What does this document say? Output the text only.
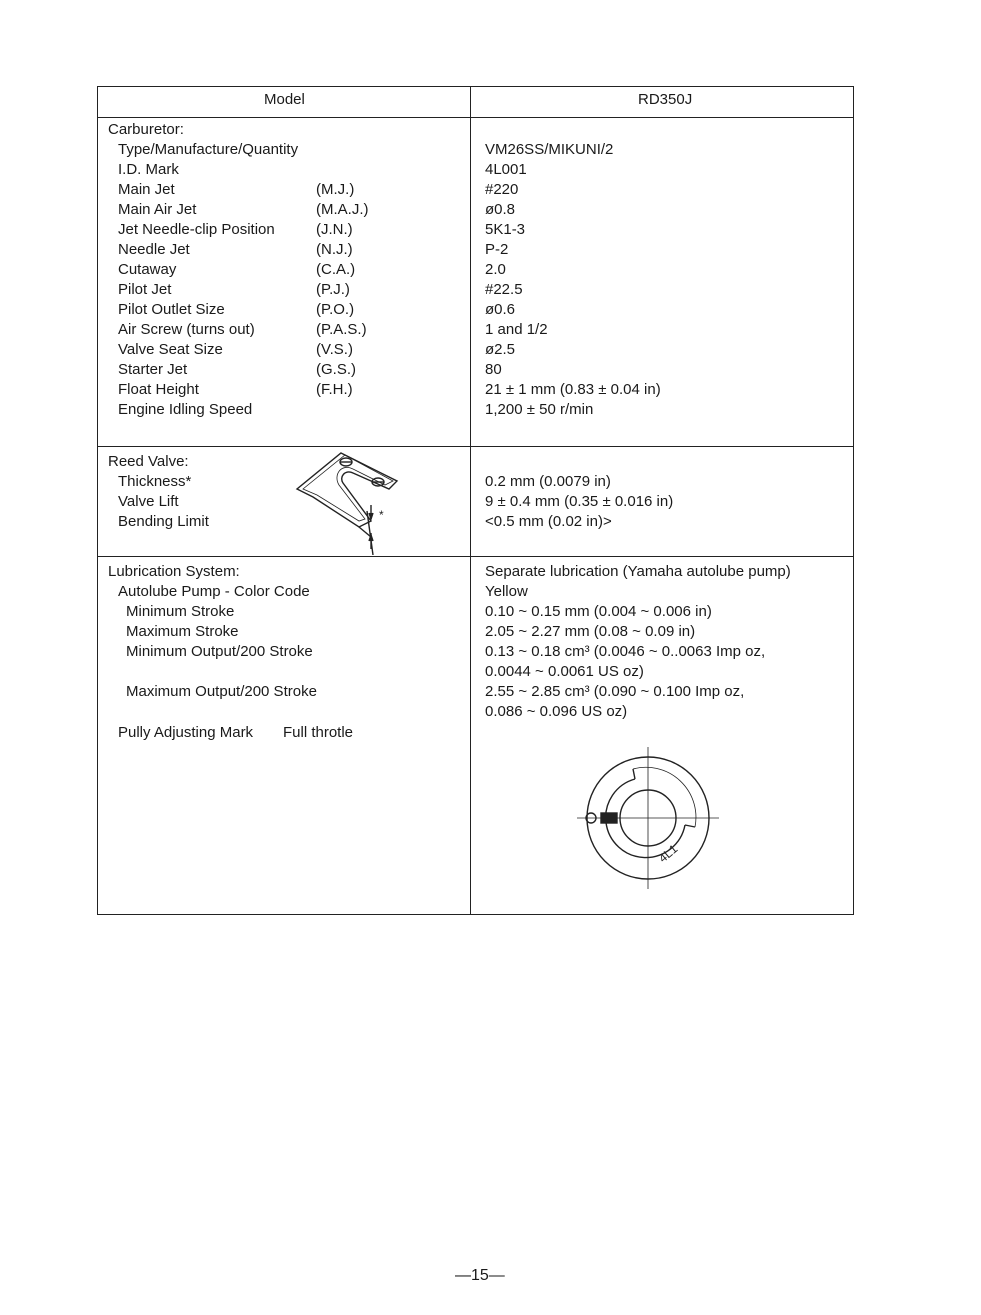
Model	RD350J
Carburetor:
Type/Manufacture/Quantity	VM26SS/MIKUNI/2
I.D. Mark	4L001
Main Jet	(M.J.)	#220
Main Air Jet	(M.A.J.)	ø0.8
Jet Needle-clip Position	(J.N.)	5K1-3
Needle Jet	(N.J.)	P-2
Cutaway	(C.A.)	2.0
Pilot Jet	(P.J.)	#22.5
Pilot Outlet Size	(P.O.)	ø0.6
Air Screw (turns out)	(P.A.S.)	1 and 1/2
Valve Seat Size	(V.S.)	ø2.5
Starter Jet	(G.S.)	80
Float Height	(F.H.)	21 ± 1 mm (0.83 ± 0.04 in)
Engine Idling Speed	1,200 ± 50 r/min
Reed Valve:
Thickness*	0.2 mm (0.0079 in)
Valve Lift	9 ± 0.4 mm (0.35 ± 0.016 in)
Bending Limit	<0.5 mm (0.02 in)>
*
Lubrication System:	Separate lubrication (Yamaha autolube pump)
Autolube Pump - Color Code	Yellow
Minimum Stroke	0.10 ~ 0.15 mm (0.004 ~ 0.006 in)
Maximum Stroke	2.05 ~ 2.27 mm (0.08 ~ 0.09 in)
Minimum Output/200 Stroke	0.13 ~ 0.18 cm³ (0.0046 ~ 0..0063 Imp oz,
0.0044 ~ 0.0061 US oz)
Maximum Output/200 Stroke	2.55 ~ 2.85 cm³ (0.090 ~ 0.100 Imp oz,
0.086 ~ 0.096 US oz)
Pully Adjusting Mark Full throtle
4L1
—15—
